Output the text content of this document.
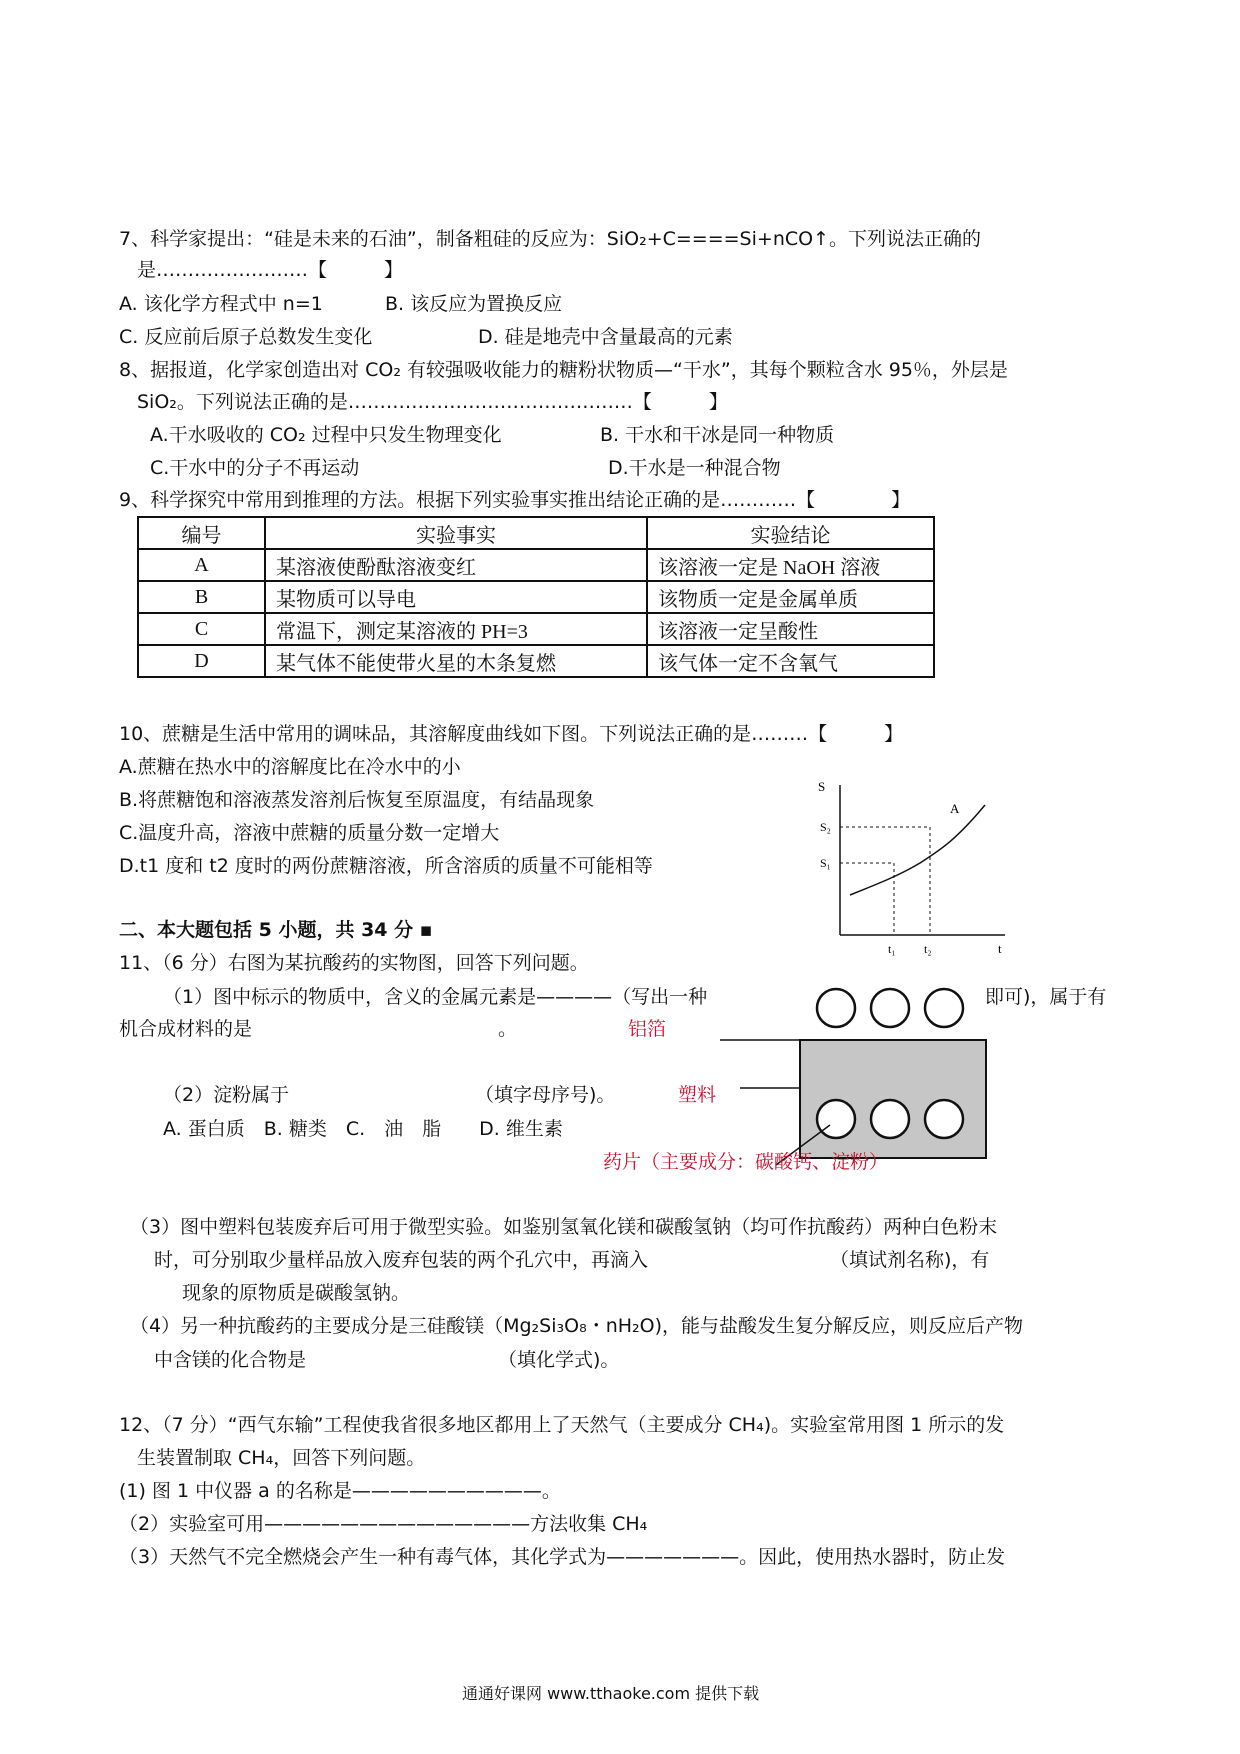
7、科学家提出：“硅是未来的石油”，制备粗硅的反应为：SiO₂+C====Si+nCO↑。下列说法正确的
是……………………【　　　】
A. 该化学方程式中 n=1	B. 该反应为置换反应
C. 反应前后原子总数发生变化	D. 硅是地壳中含量最高的元素
8、据报道，化学家创造出对 CO₂ 有较强吸收能力的糖粉状物质—“干水”，其每个颗粒含水 95％，外层是
SiO₂。下列说法正确的是………………………………………【　　　】
A.干水吸收的 CO₂ 过程中只发生物理变化	B. 干水和干冰是同一种物质
C.干水中的分子不再运动	D.干水是一种混合物
9、科学探究中常用到推理的方法。根据下列实验事实推出结论正确的是…………【　　　　】
编号	实验事实	实验结论
A	某溶液使酚酞溶液变红	该溶液一定是 NaOH 溶液
B	某物质可以导电	该物质一定是金属单质
C	常温下，测定某溶液的 PH=3	该溶液一定呈酸性
D	某气体不能使带火星的木条复燃	该气体一定不含氧气
10、蔗糖是生活中常用的调味品，其溶解度曲线如下图。下列说法正确的是………【　　　】
A.蔗糖在热水中的溶解度比在冷水中的小
B.将蔗糖饱和溶液蒸发溶剂后恢复至原温度，有结晶现象
C.温度升高，溶液中蔗糖的质量分数一定增大
D.t1 度和 t2 度时的两份蔗糖溶液，所含溶质的质量不可能相等
S
t
A
S₂
S₁
t₁ t₂
二、本大题包括 5 小题，共 34 分 ▪
11、（6 分）右图为某抗酸药的实物图，回答下列问题。
（1）图中标示的物质中，含义的金属元素是————（写出一种	即可)，属于有
机合成材料的是	。	铝箔
（2）淀粉属于	（填字母序号)。	塑料
A. 蛋白质　B. 糖类　C.　油　脂　　D. 维生素
药片（主要成分：碳酸钙、淀粉）
（3）图中塑料包装废弃后可用于微型实验。如鉴别氢氧化镁和碳酸氢钠（均可作抗酸药）两种白色粉末
时，可分别取少量样品放入废弃包装的两个孔穴中，再滴入	（填试剂名称)，有
现象的原物质是碳酸氢钠。
（4）另一种抗酸药的主要成分是三硅酸镁（Mg₂Si₃O₈・nH₂O)，能与盐酸发生复分解反应，则反应后产物
中含镁的化合物是	（填化学式)。
12、（7 分）“西气东输”工程使我省很多地区都用上了天然气（主要成分 CH₄)。实验室常用图 1 所示的发
生装置制取 CH₄，回答下列问题。
(1) 图 1 中仪器 a 的名称是——————————。
（2）实验室可用——————————————方法收集 CH₄
（3）天然气不完全燃烧会产生一种有毒气体，其化学式为———————。因此，使用热水器时，防止发
通通好课网 www.tthaoke.com 提供下载
